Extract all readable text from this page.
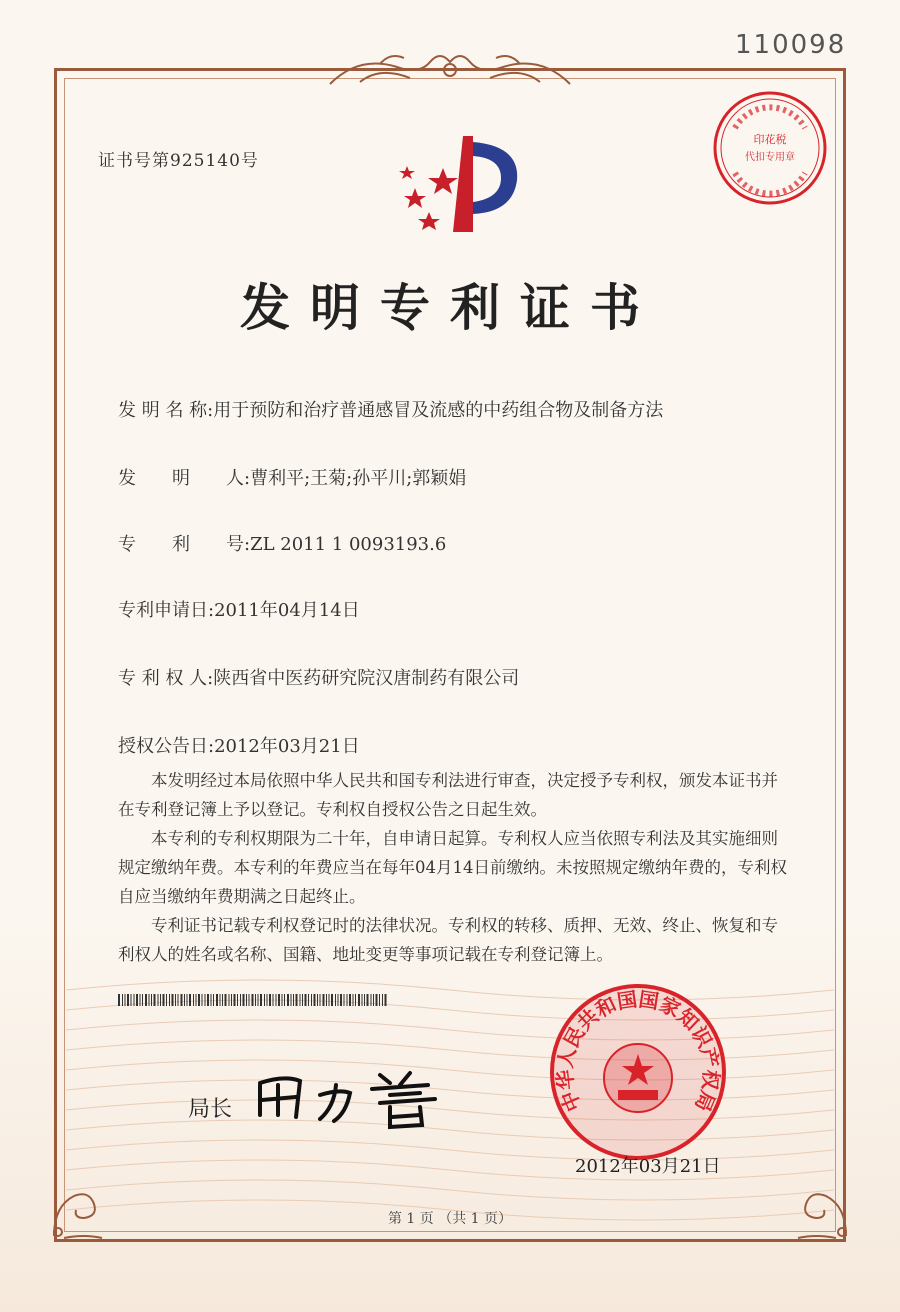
110098
印花税
代扣专用章
证书号第925140号
发明专利证书
发 明 名 称:用于预防和治疗普通感冒及流感的中药组合物及制备方法
发　　明　　人:曹利平;王菊;孙平川;郭颖娟
专　　利　　号:ZL 2011 1 0093193.6
专利申请日:2011年04月14日
专 利 权 人:陕西省中医药研究院汉唐制药有限公司
授权公告日:2012年03月21日

本发明经过本局依照中华人民共和国专利法进行审查，决定授予专利权，颁发本证书并在专利登记簿上予以登记。专利权自授权公告之日起生效。

本专利的专利权期限为二十年，自申请日起算。专利权人应当依照专利法及其实施细则规定缴纳年费。本专利的年费应当在每年04月14日前缴纳。未按照规定缴纳年费的，专利权自应当缴纳年费期满之日起终止。

专利证书记载专利权登记时的法律状况。专利权的转移、质押、无效、终止、恢复和专利权人的姓名或名称、国籍、地址变更等事项记载在专利登记簿上。

中华人民共和国国家知识产权局
局长
2012年03月21日
第 1 页 （共 1 页）
